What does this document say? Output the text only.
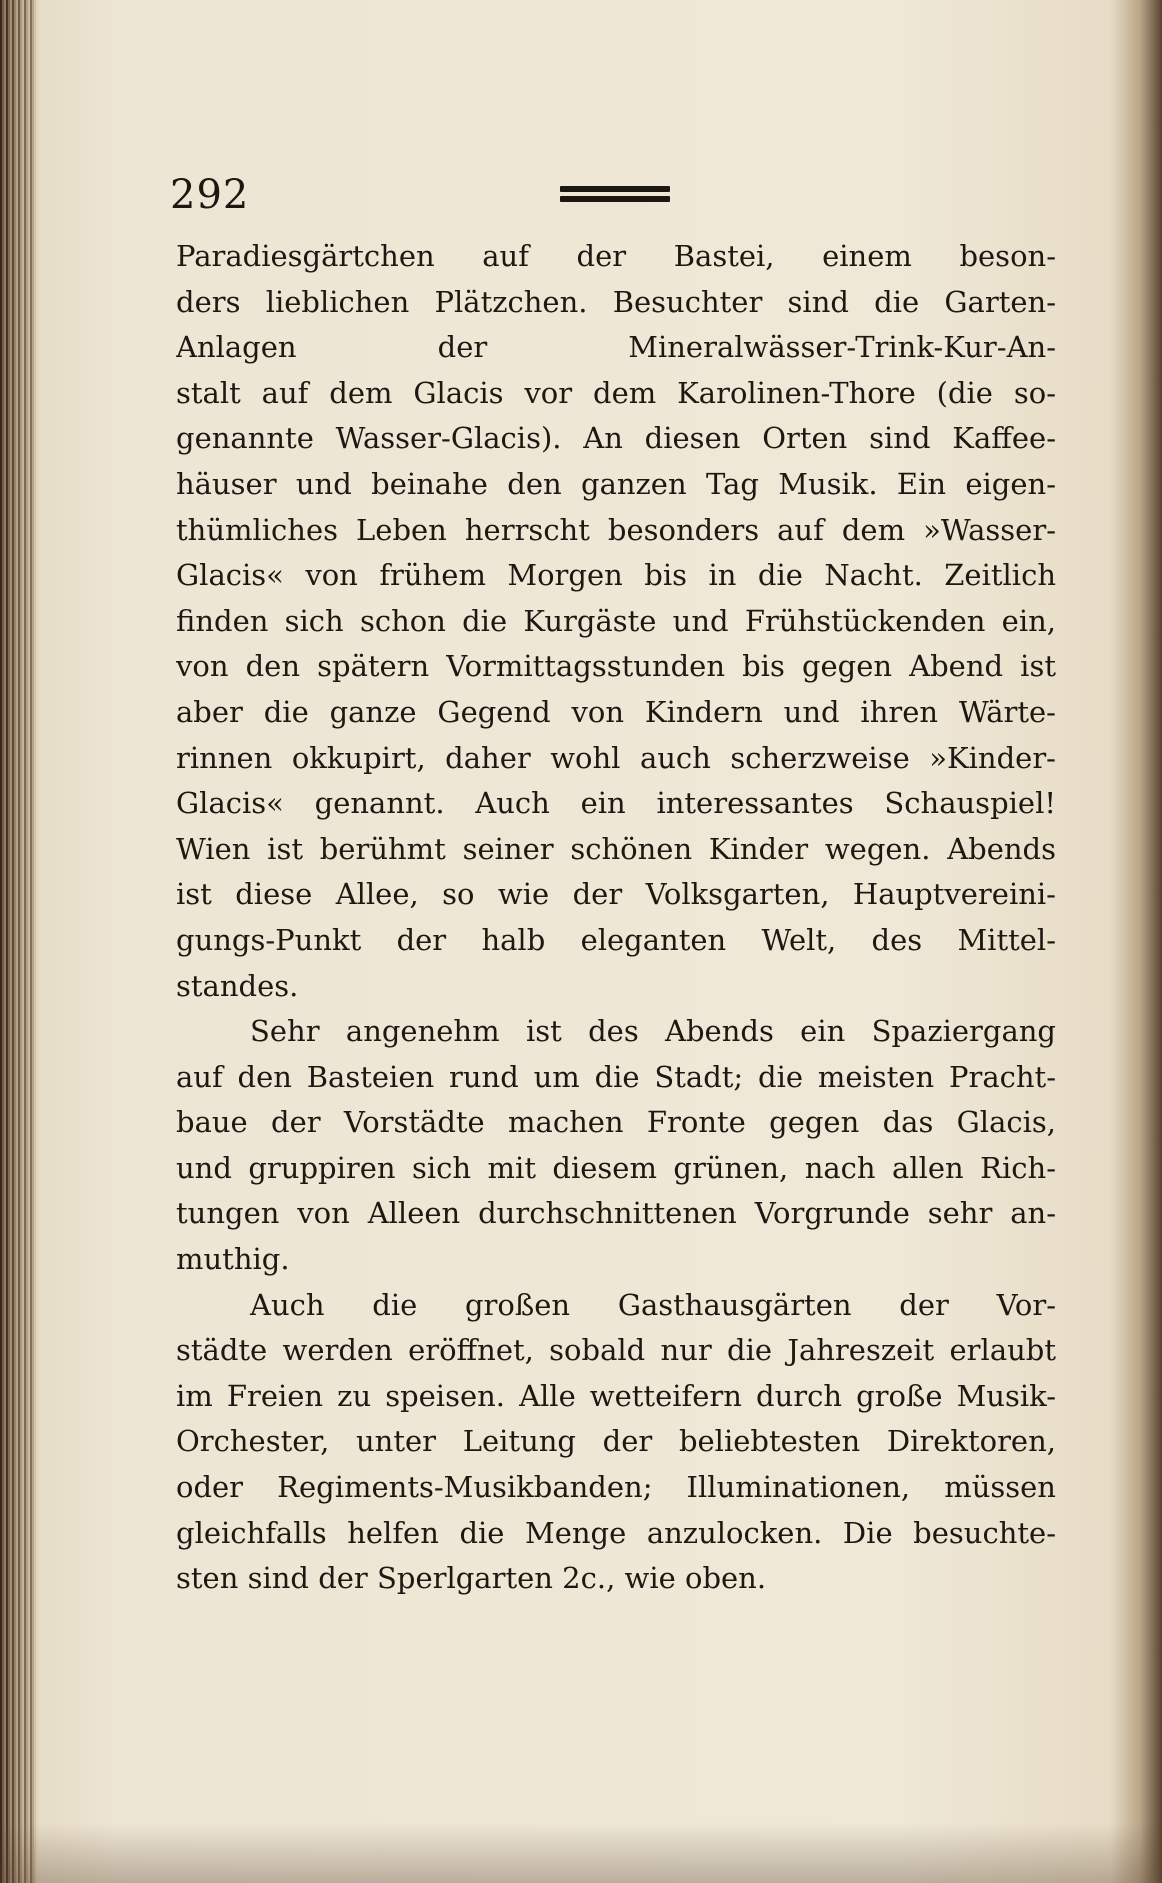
292
Paradiesgärtchen auf der Bastei, einem beson-
ders lieblichen Plätzchen. Besuchter sind die Garten-
Anlagen der Mineralwässer-Trink-Kur-An-
stalt auf dem Glacis vor dem Karolinen-Thore (die so-
genannte Wasser-Glacis). An diesen Orten sind Kaffee-
häuser und beinahe den ganzen Tag Musik. Ein eigen-
thümliches Leben herrscht besonders auf dem »Wasser-
Glacis« von frühem Morgen bis in die Nacht. Zeitlich
finden sich schon die Kurgäste und Frühstückenden ein,
von den spätern Vormittagsstunden bis gegen Abend ist
aber die ganze Gegend von Kindern und ihren Wärte-
rinnen okkupirt, daher wohl auch scherzweise »Kinder-
Glacis« genannt. Auch ein interessantes Schauspiel!
Wien ist berühmt seiner schönen Kinder wegen. Abends
ist diese Allee, so wie der Volksgarten, Hauptvereini-
gungs-Punkt der halb eleganten Welt, des Mittel-
standes.
Sehr angenehm ist des Abends ein Spaziergang
auf den Basteien rund um die Stadt; die meisten Pracht-
baue der Vorstädte machen Fronte gegen das Glacis,
und gruppiren sich mit diesem grünen, nach allen Rich-
tungen von Alleen durchschnittenen Vorgrunde sehr an-
muthig.
Auch die großen Gasthausgärten der Vor-
städte werden eröffnet, sobald nur die Jahreszeit erlaubt
im Freien zu speisen. Alle wetteifern durch große Musik-
Orchester, unter Leitung der beliebtesten Direktoren,
oder Regiments-Musikbanden; Illuminationen, müssen
gleichfalls helfen die Menge anzulocken. Die besuchte-
sten sind der Sperlgarten 2c., wie oben.
